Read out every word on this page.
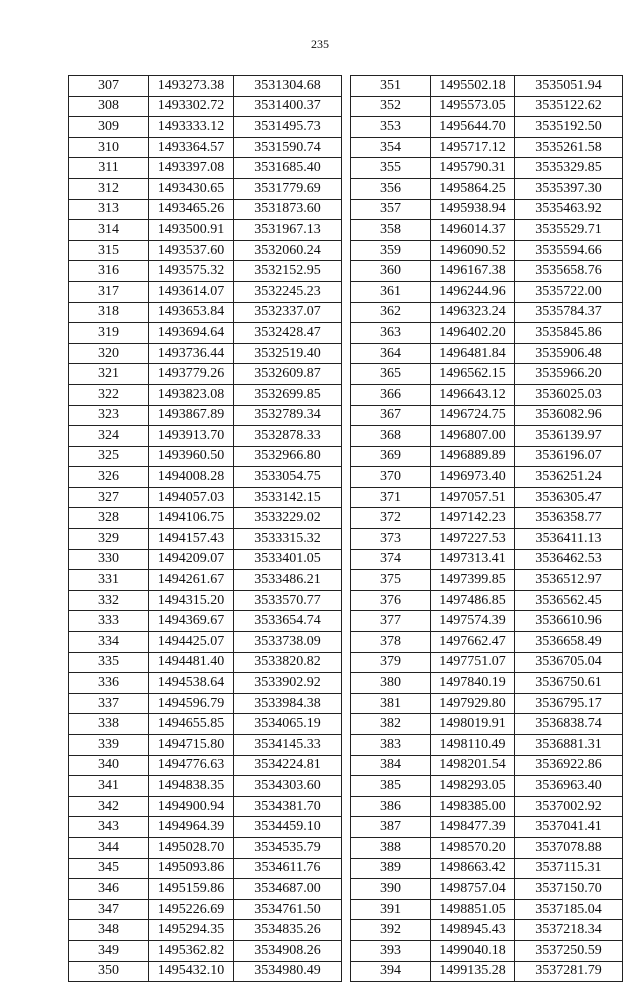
235
307	1493273.38	3531304.68
308	1493302.72	3531400.37
309	1493333.12	3531495.73
310	1493364.57	3531590.74
311	1493397.08	3531685.40
312	1493430.65	3531779.69
313	1493465.26	3531873.60
314	1493500.91	3531967.13
315	1493537.60	3532060.24
316	1493575.32	3532152.95
317	1493614.07	3532245.23
318	1493653.84	3532337.07
319	1493694.64	3532428.47
320	1493736.44	3532519.40
321	1493779.26	3532609.87
322	1493823.08	3532699.85
323	1493867.89	3532789.34
324	1493913.70	3532878.33
325	1493960.50	3532966.80
326	1494008.28	3533054.75
327	1494057.03	3533142.15
328	1494106.75	3533229.02
329	1494157.43	3533315.32
330	1494209.07	3533401.05
331	1494261.67	3533486.21
332	1494315.20	3533570.77
333	1494369.67	3533654.74
334	1494425.07	3533738.09
335	1494481.40	3533820.82
336	1494538.64	3533902.92
337	1494596.79	3533984.38
338	1494655.85	3534065.19
339	1494715.80	3534145.33
340	1494776.63	3534224.81
341	1494838.35	3534303.60
342	1494900.94	3534381.70
343	1494964.39	3534459.10
344	1495028.70	3534535.79
345	1495093.86	3534611.76
346	1495159.86	3534687.00
347	1495226.69	3534761.50
348	1495294.35	3534835.26
349	1495362.82	3534908.26
350	1495432.10	3534980.49
351	1495502.18	3535051.94
352	1495573.05	3535122.62
353	1495644.70	3535192.50
354	1495717.12	3535261.58
355	1495790.31	3535329.85
356	1495864.25	3535397.30
357	1495938.94	3535463.92
358	1496014.37	3535529.71
359	1496090.52	3535594.66
360	1496167.38	3535658.76
361	1496244.96	3535722.00
362	1496323.24	3535784.37
363	1496402.20	3535845.86
364	1496481.84	3535906.48
365	1496562.15	3535966.20
366	1496643.12	3536025.03
367	1496724.75	3536082.96
368	1496807.00	3536139.97
369	1496889.89	3536196.07
370	1496973.40	3536251.24
371	1497057.51	3536305.47
372	1497142.23	3536358.77
373	1497227.53	3536411.13
374	1497313.41	3536462.53
375	1497399.85	3536512.97
376	1497486.85	3536562.45
377	1497574.39	3536610.96
378	1497662.47	3536658.49
379	1497751.07	3536705.04
380	1497840.19	3536750.61
381	1497929.80	3536795.17
382	1498019.91	3536838.74
383	1498110.49	3536881.31
384	1498201.54	3536922.86
385	1498293.05	3536963.40
386	1498385.00	3537002.92
387	1498477.39	3537041.41
388	1498570.20	3537078.88
389	1498663.42	3537115.31
390	1498757.04	3537150.70
391	1498851.05	3537185.04
392	1498945.43	3537218.34
393	1499040.18	3537250.59
394	1499135.28	3537281.79
